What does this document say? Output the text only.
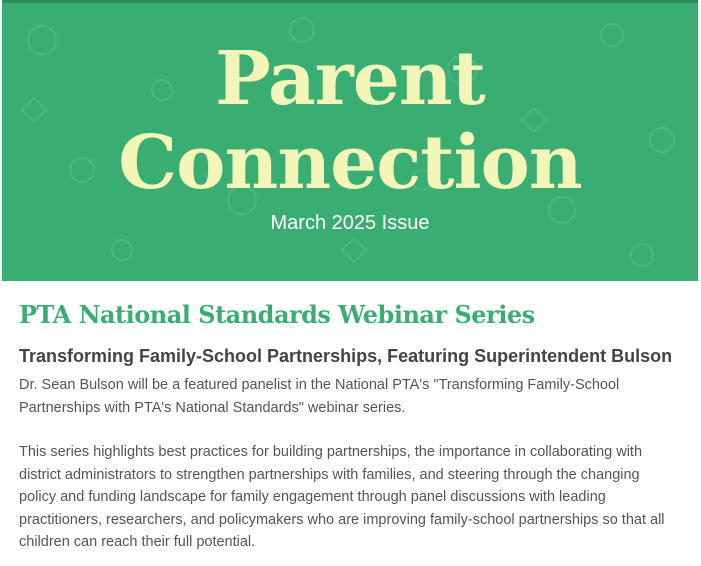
Parent
Connection
March 2025 Issue
PTA National Standards Webinar Series
Transforming Family-School Partnerships, Featuring Superintendent Bulson

Dr. Sean Bulson will be a featured panelist in the National PTA's "Transforming Family-School Partnerships with PTA's National Standards" webinar series.

This series highlights best practices for building partnerships, the importance in collaborating with district administrators to strengthen partnerships with families, and steering through the changing policy and funding landscape for family engagement through panel discussions with leading practitioners, researchers, and policymakers who are improving family-school partnerships so that all children can reach their full potential.
